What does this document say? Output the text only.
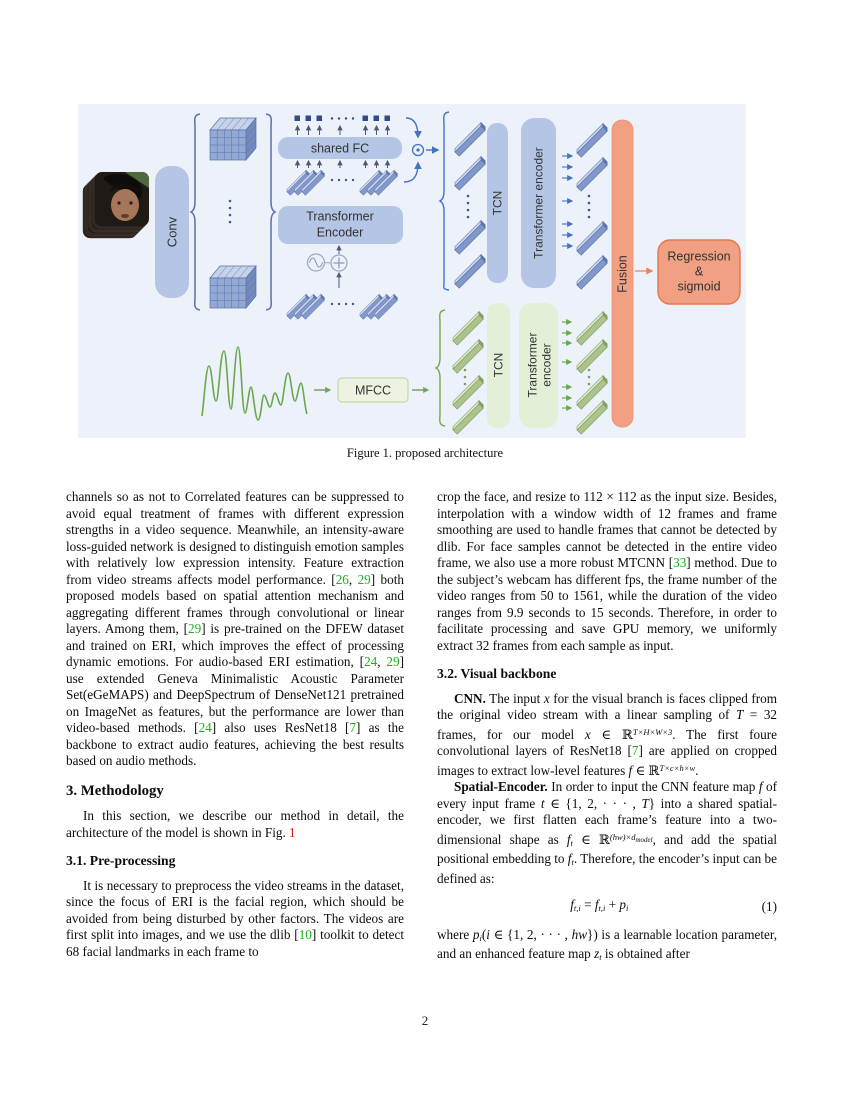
Conv
shared FC
Transformer
Encoder
TCN Transformer encoder
Fusion	Regression
&
sigmoid
MFCC
TCN Transformer encoder
Figure 1. proposed architecture

channels so as not to Correlated features can be suppressed to avoid equal treatment of frames with different expression strengths in a video sequence. Meanwhile, an intensity-aware loss-guided network is designed to distinguish emotion samples with relatively low expression intensity. Feature extraction from video streams affects model performance. [26, 29] both proposed models based on spatial attention mechanism and aggregating different frames through convolutional or linear layers. Among them, [29] is pre-trained on the DFEW dataset and trained on ERI, which improves the effect of processing dynamic emotions. For audio-based ERI estimation, [24, 29] use extended Geneva Minimalistic Acoustic Parameter Set(eGeMAPS) and DeepSpectrum of DenseNet121 pretrained on ImageNet as features, but the performance are lower than video-based methods. [24] also uses ResNet18 [7] as the backbone to extract audio features, achieving the best results based on audio methods.

3. Methodology

In this section, we describe our method in detail, the architecture of the model is shown in Fig. 1

3.1. Pre-processing

It is necessary to preprocess the video streams in the dataset, since the focus of ERI is the facial region, which should be avoided from being disturbed by other factors. The videos are first split into images, and we use the dlib [10] toolkit to detect 68 facial landmarks in each frame to

crop the face, and resize to 112 × 112 as the input size. Besides, interpolation with a window width of 12 frames and frame smoothing are used to handle frames that cannot be detected by dlib. For face samples cannot be detected in the entire video frame, we also use a more robust MTCNN [33] method. Due to the subject’s webcam has different fps, the frame number of the video ranges from 50 to 1561, while the duration of the video ranges from 9.9 seconds to 15 seconds. Therefore, in order to facilitate processing and save GPU memory, we uniformly extract 32 frames from each sample as input.

3.2. Visual backbone

CNN. The input x for the visual branch is faces clipped from the original video stream with a linear sampling of T = 32 frames, for our model x ∈ ℝ$^{T\times H\times W\times 3}$. The first foure convolutional layers of ResNet18 [7] are applied on cropped images to extract low-level features f ∈ ℝ$^{T\times c\times h\times w}$.

Spatial-Encoder. In order to input the CNN feature map f of every input frame t ∈ {1, 2, · · · , T} into a shared spatial-encoder, we first flatten each frame’s feature into a two-dimensional shape as ft ∈ ℝ$^{(hw)\times d}$model, and add the spatial positional embedding to ft. Therefore, the encoder’s input can be defined as:

ft,i = ft,i + pi	(1)

where pi(i ∈ {1, 2, · · · , hw}) is a learnable location parameter, and an enhanced feature map zt is obtained after

2
